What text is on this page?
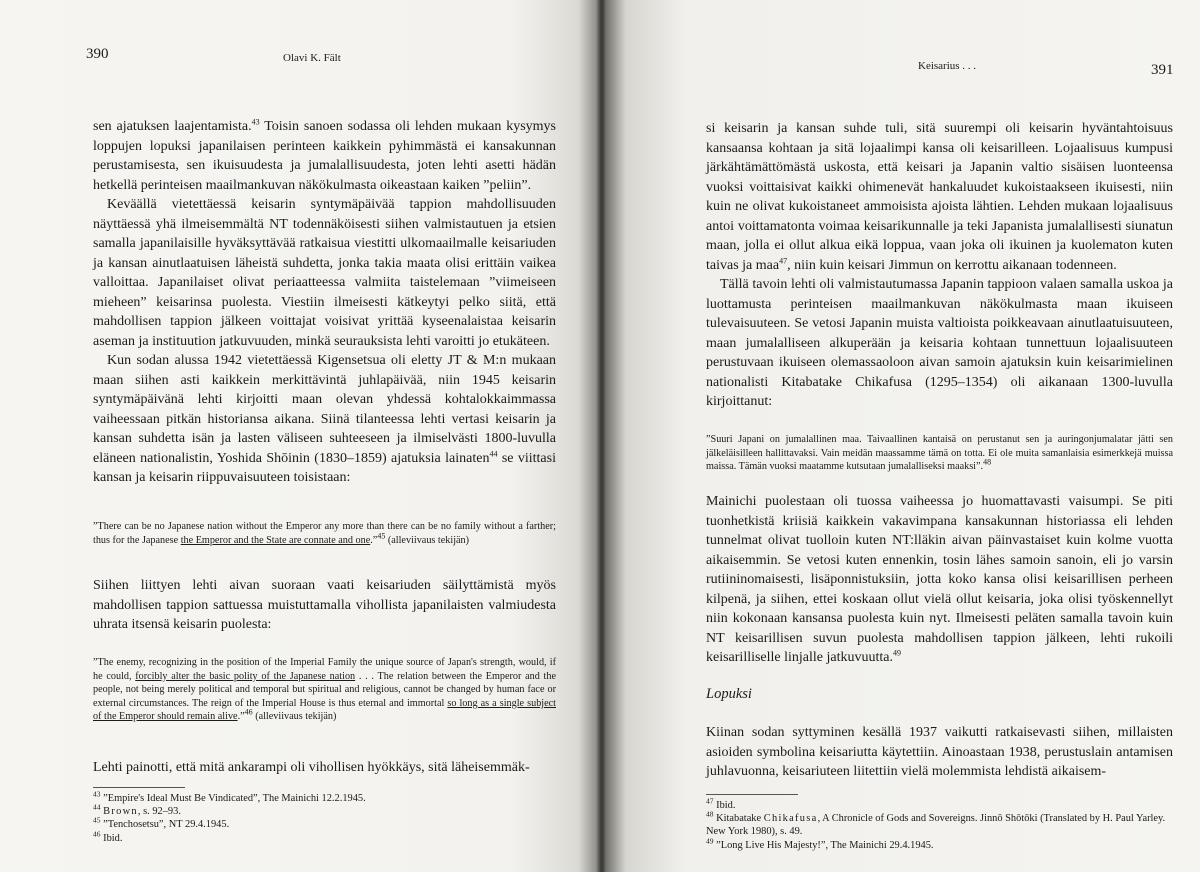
390	Olavi K. Fält

sen ajatuksen laajentamista.$^{43}$ Toisin sanoen sodassa oli lehden mukaan kysymys loppujen lopuksi japanilaisen perinteen kaikkein pyhimmästä ei kansakunnan perustamisesta, sen ikuisuudesta ja jumalallisuudesta, joten lehti asetti hädän hetkellä perinteisen maailmankuvan näkökulmasta oikeastaan kaiken ”peliin”.

Keväällä vietettäessä keisarin syntymäpäivää tappion mahdollisuuden näyttäessä yhä ilmeisemmältä NT todennäköisesti siihen valmistautuen ja etsien samalla japanilaisille hyväksyttävää ratkaisua viestitti ulkomaailmalle keisariuden ja kansan ainutlaatuisen läheistä suhdetta, jonka takia maata olisi erittäin vaikea valloittaa. Japanilaiset olivat periaatteessa valmiita taistelemaan ”viimeiseen mieheen” keisarinsa puolesta. Viestiin ilmeisesti kätkeytyi pelko siitä, että mahdollisen tappion jälkeen voittajat voisivat yrittää kyseenalaistaa keisarin aseman ja instituution jatkuvuuden, minkä seurauksista lehti varoitti jo etukäteen.

Kun sodan alussa 1942 vietettäessä Kigensetsua oli eletty JT & M:n mukaan maan siihen asti kaikkein merkittävintä juhlapäivää, niin 1945 keisarin syntymäpäivänä lehti kirjoitti maan olevan yhdessä kohtalokkaimmassa vaiheessaan pitkän historiansa aikana. Siinä tilanteessa lehti vertasi keisarin ja kansan suhdetta isän ja lasten väliseen suhteeseen ja ilmiselvästi 1800-luvulla eläneen nationalistin, Yoshida Shōinin (1830–1859) ajatuksia lainaten$^{44}$ se viittasi kansan ja keisarin riippuvaisuuteen toisistaan:

”There can be no Japanese nation without the Emperor any more than there can be no family without a farther; thus for the Japanese the Emperor and the State are connate and one.”$^{45}$ (alleviivaus tekijän)

Siihen liittyen lehti aivan suoraan vaati keisariuden säilyttämistä myös mahdollisen tappion sattuessa muistuttamalla vihollista japanilaisten valmiudesta uhrata itsensä keisarin puolesta:

”The enemy, recognizing in the position of the Imperial Family the unique source of Japan's strength, would, if he could, forcibly alter the basic polity of the Japanese nation . . . The relation between the Emperor and the people, not being merely political and temporal but spiritual and religious, cannot be changed by human face or external circumstances. The reign of the Imperial House is thus eternal and immortal so long as a single subject of the Emperor should remain alive.”$^{46}$ (alleviivaus tekijän)

Lehti painotti, että mitä ankarampi oli vihollisen hyökkäys, sitä läheisemmäk-

$^{43}$ ”Empire's Ideal Must Be Vindicated”, The Mainichi 12.2.1945.

$^{44}$ Brown, s. 92–93.

$^{45}$ ”Tenchosetsu”, NT 29.4.1945.

$^{46}$ Ibid.

Keisarius . . .	391

si keisarin ja kansan suhde tuli, sitä suurempi oli keisarin hyväntahtoisuus kansaansa kohtaan ja sitä lojaalimpi kansa oli keisarilleen. Lojaalisuus kumpusi järkähtämättömästä uskosta, että keisari ja Japanin valtio sisäisen luonteensa vuoksi voittaisivat kaikki ohimenevät hankaluudet kukoistaakseen ikuisesti, niin kuin ne olivat kukoistaneet ammoisista ajoista lähtien. Lehden mukaan lojaalisuus antoi voittamatonta voimaa keisarikunnalle ja teki Japanista jumalallisesti siunatun maan, jolla ei ollut alkua eikä loppua, vaan joka oli ikuinen ja kuolematon kuten taivas ja maa$^{47}$, niin kuin keisari Jimmun on kerrottu aikanaan todenneen.

Tällä tavoin lehti oli valmistautumassa Japanin tappioon valaen samalla uskoa ja luottamusta perinteisen maailmankuvan näkökulmasta maan ikuiseen tulevaisuuteen. Se vetosi Japanin muista valtioista poikkeavaan ainutlaatuisuuteen, maan jumalalliseen alkuperään ja keisaria kohtaan tunnettuun lojaalisuuteen perustuvaan ikuiseen olemassaoloon aivan samoin ajatuksin kuin keisarimielinen nationalisti Kitabatake Chikafusa (1295–1354) oli aikanaan 1300-luvulla kirjoittanut:

”Suuri Japani on jumalallinen maa. Taivaallinen kantaisä on perustanut sen ja auringonjumalatar jätti sen jälkeläisilleen hallittavaksi. Vain meidän maassamme tämä on totta. Ei ole muita samanlaisia esimerkkejä muissa maissa. Tämän vuoksi maatamme kutsutaan jumalalliseksi maaksi”.$^{48}$

Mainichi puolestaan oli tuossa vaiheessa jo huomattavasti vaisumpi. Se piti tuonhetkistä kriisiä kaikkein vakavimpana kansakunnan historiassa eli lehden tunnelmat olivat tuolloin kuten NT:lläkin aivan päinvastaiset kuin kolme vuotta aikaisemmin. Se vetosi kuten ennenkin, tosin lähes samoin sanoin, eli jo varsin rutiininomaisesti, lisäponnistuksiin, jotta koko kansa olisi keisarillisen perheen kilpenä, ja siihen, ettei koskaan ollut vielä ollut keisaria, joka olisi työskennellyt niin kokonaan kansansa puolesta kuin nyt. Ilmeisesti peläten samalla tavoin kuin NT keisarillisen suvun puolesta mahdollisen tappion jälkeen, lehti rukoili keisarilliselle linjalle jatkuvuutta.$^{49}$

Lopuksi

Kiinan sodan syttyminen kesällä 1937 vaikutti ratkaisevasti siihen, millaisten asioiden symbolina keisariutta käytettiin. Ainoastaan 1938, perustuslain antamisen juhlavuonna, keisariuteen liitettiin vielä molemmista lehdistä aikaisem-

$^{47}$ Ibid.

$^{48}$ Kitabatake Chikafusa, A Chronicle of Gods and Sovereigns. Jinnō Shōtōki (Translated by H. Paul Yarley. New York 1980), s. 49.

$^{49}$ ”Long Live His Majesty!”, The Mainichi 29.4.1945.
